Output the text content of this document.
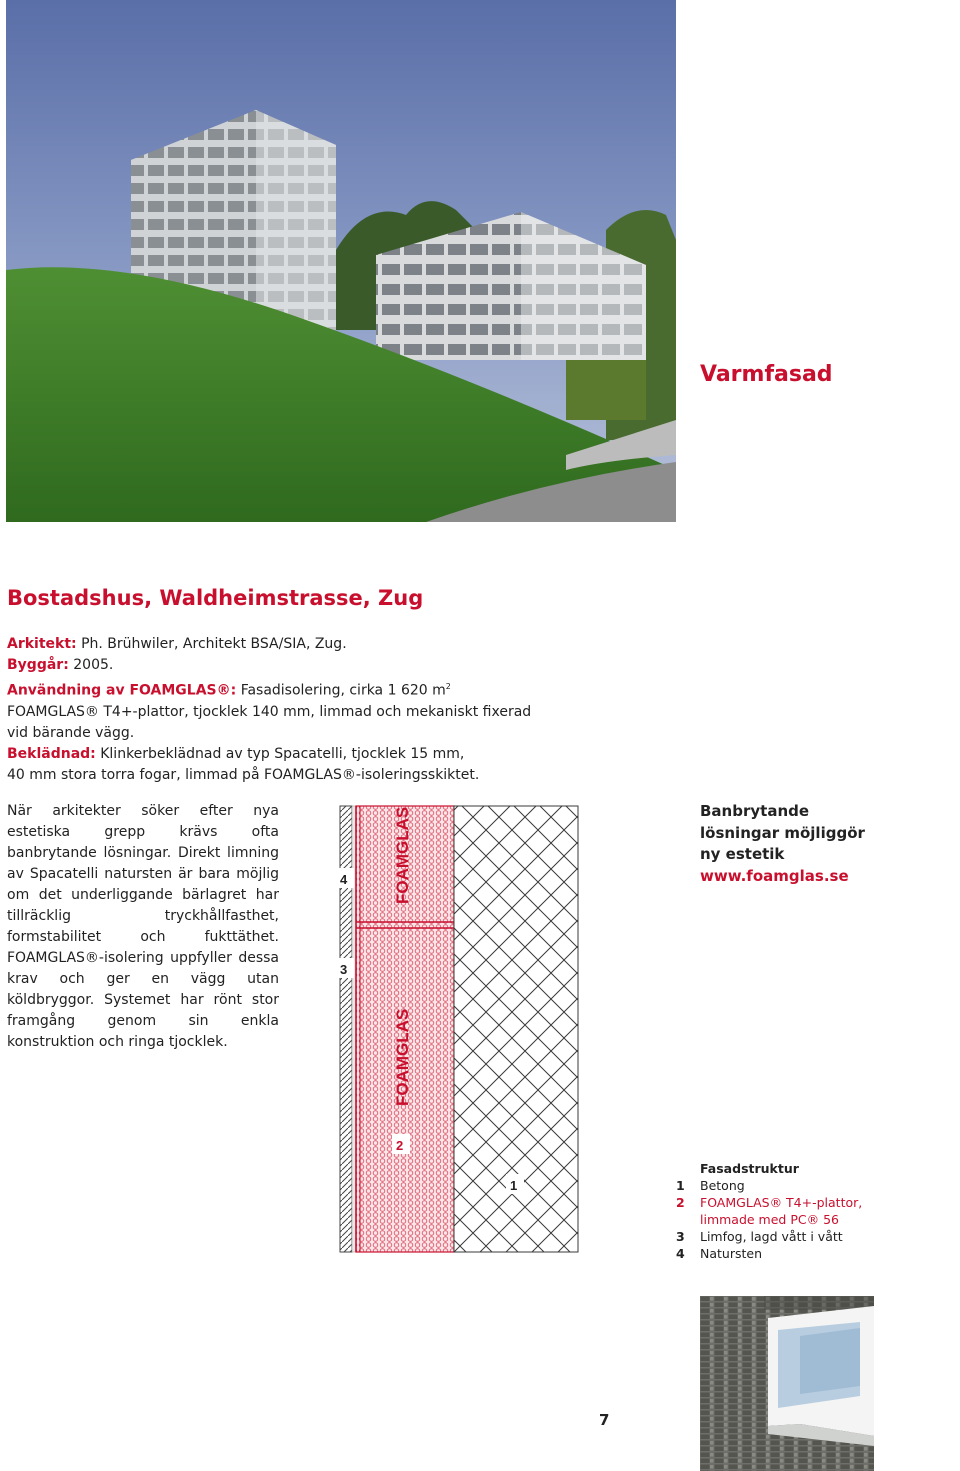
Varmfasad
Bostadshus, Waldheimstrasse, Zug

Arkitekt: Ph. Brühwiler, Architekt BSA/SIA, Zug.

Byggår: 2005.

Användning av FOAMGLAS®: Fasadisolering, cirka 1 620 $m^2$

FOAMGLAS® T4+-plattor, tjocklek 140 mm, limmad och mekaniskt fixerad

vid bärande vägg.

Beklädnad: Klinkerbeklädnad av typ Spacatelli, tjocklek 15 mm,

40 mm stora torra fogar, limmad på FOAMGLAS®-isoleringsskiktet.

När arkitekter söker efter nya estetiska grepp krävs ofta banbrytande lösningar. Direkt limning av Spacatelli natursten är bara möjlig om det underliggande bärlagret har tillräcklig tryckhållfasthet, formstabilitet och fukttäthet. FOAMGLAS®-isolering uppfyller dessa krav och ger en vägg utan köldbryggor. Systemet har rönt stor framgång genom sin enkla konstruktion och ringa tjocklek.
FOAMGLAS
FOAMGLAS
4
3
2
1
Banbrytande
lösningar möjliggör
ny estetik
www.foamglas.se
Fasadstruktur
1	Betong
2	FOAMGLAS® T4+-plattor,
limmade med PC® 56
3	Limfog, lagd vått i vått
4	Natursten
7
